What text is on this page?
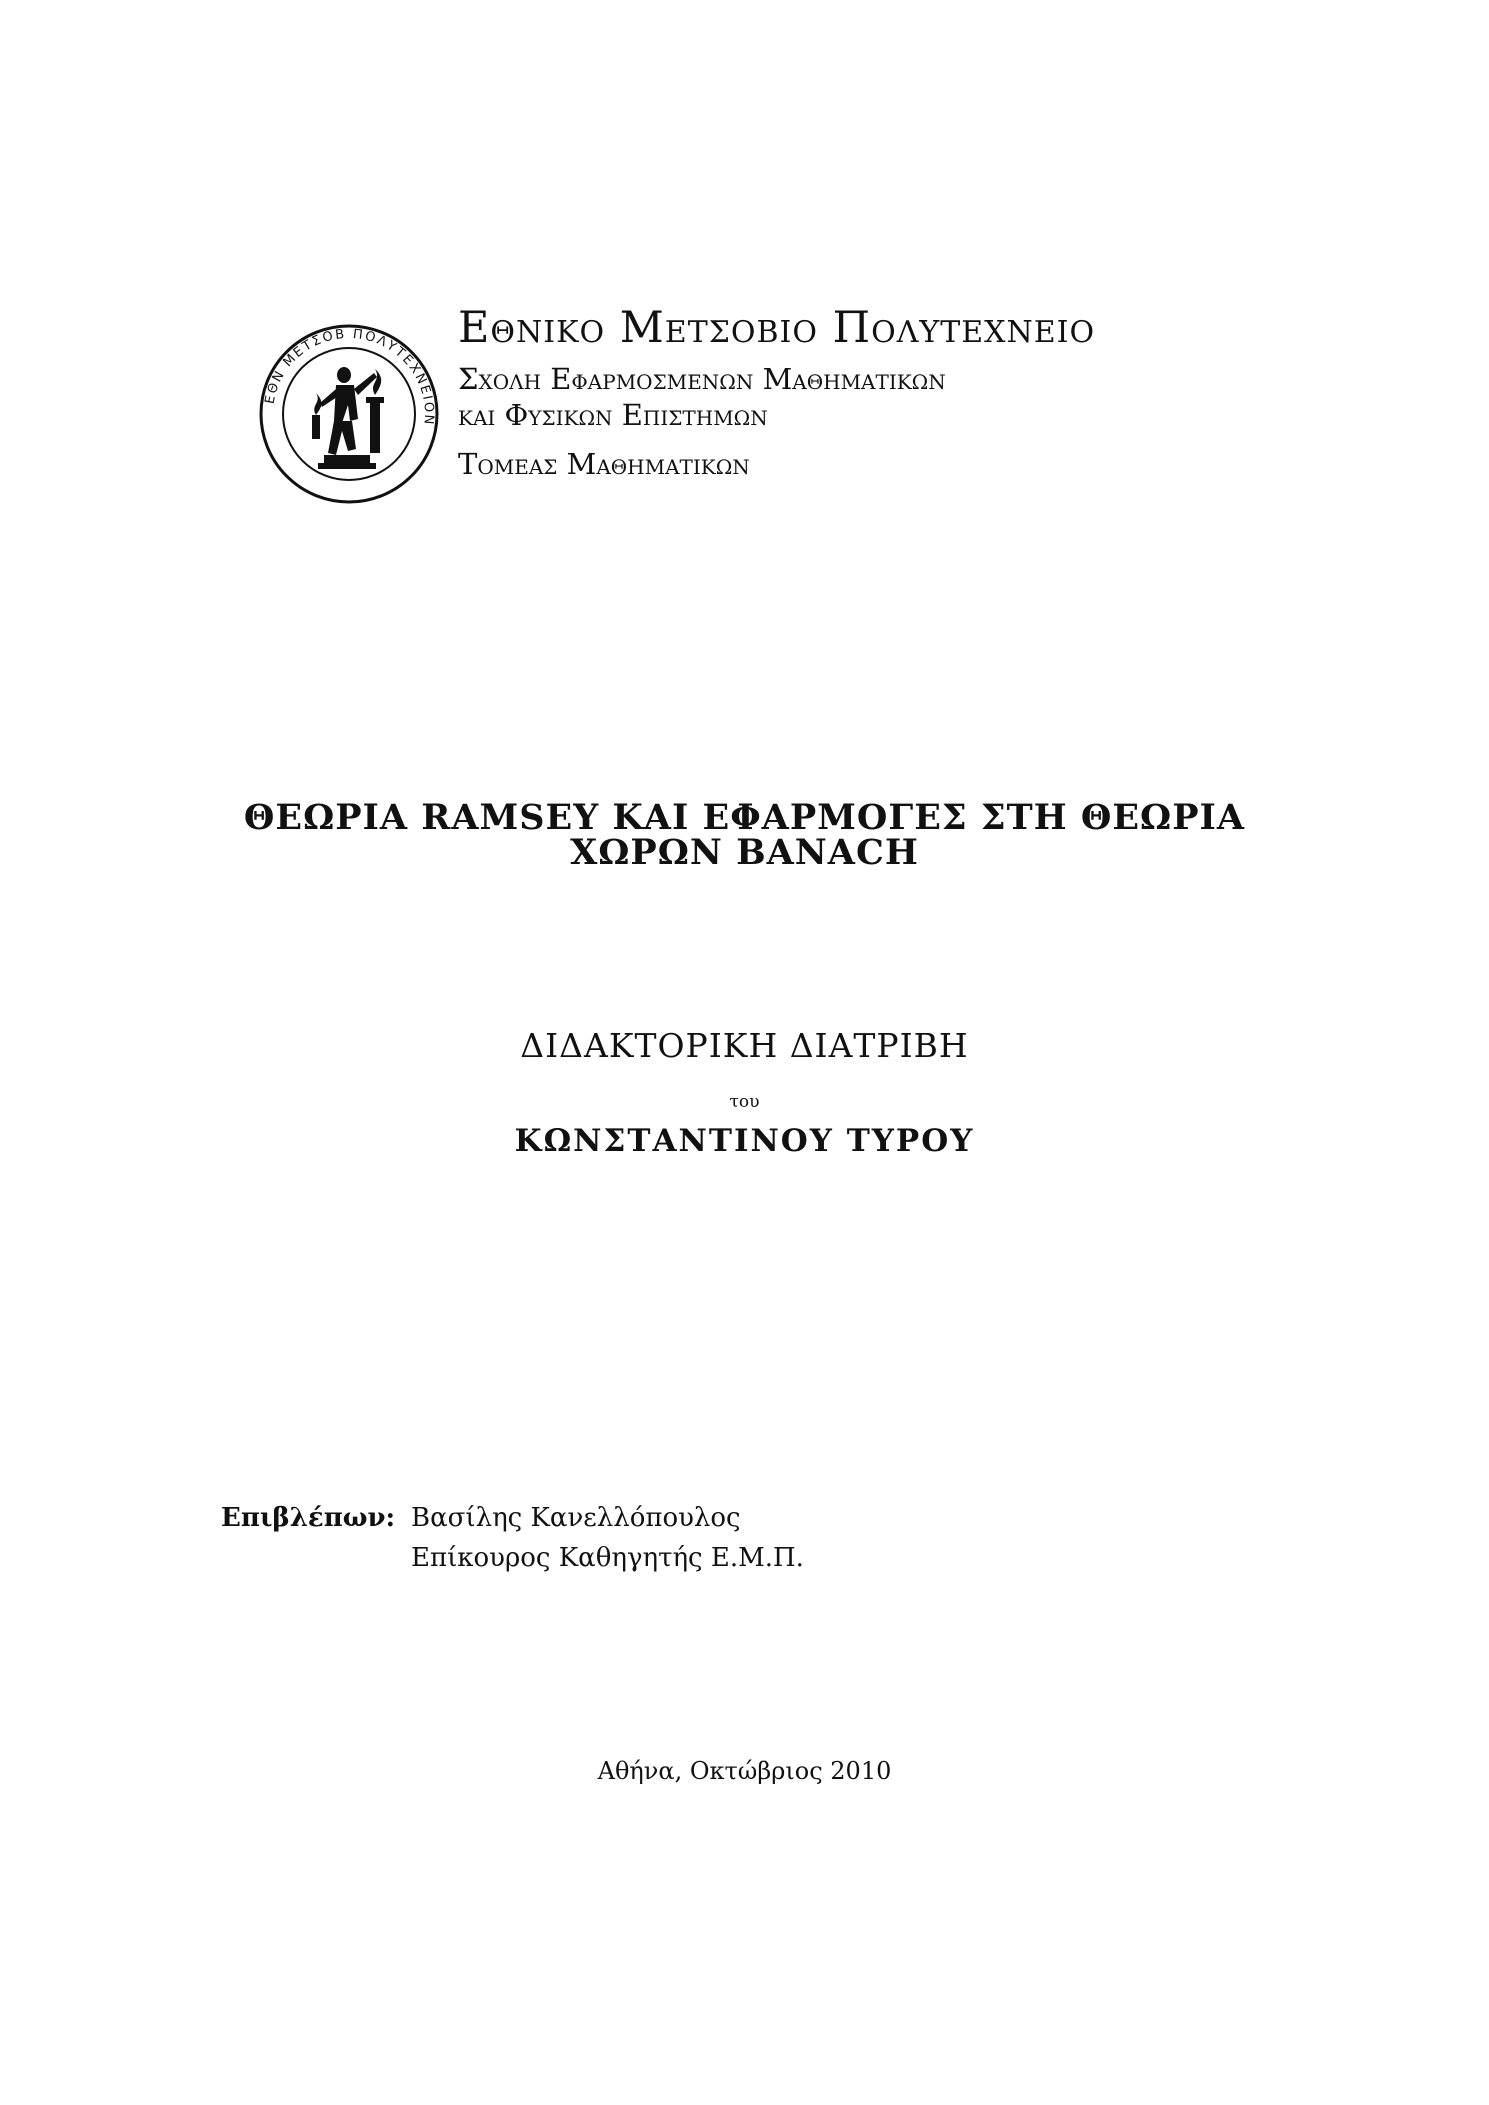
ΕΘΝ ΜΕΤΣΟΒ ΠΟΛΥΤΕΧΝΕΙΟΝ
Εθνικο Μετσοβιο Πολυτεχνειο
Σχολη Εφαρμοσμενων Μαθηματικων
και Φυσικων Επιστημων
Τομεας Μαθηματικων
ΘΕΩΡΙΑ RAMSEY ΚΑΙ ΕΦΑΡΜΟΓΕΣ ΣΤΗ ΘΕΩΡΙΑ
ΧΩΡΩΝ BANACH
ΔΙΔΑΚΤΟΡΙΚΗ ΔΙΑΤΡΙΒΗ
του
ΚΩΝΣΤΑΝΤΙΝΟΥ ΤΥΡΟΥ
Επιβλέπων: Βασίλης Κανελλόπουλος
Επίκουρος Καθηγητής Ε.Μ.Π.
Αθήνα, Οκτώβριος 2010
